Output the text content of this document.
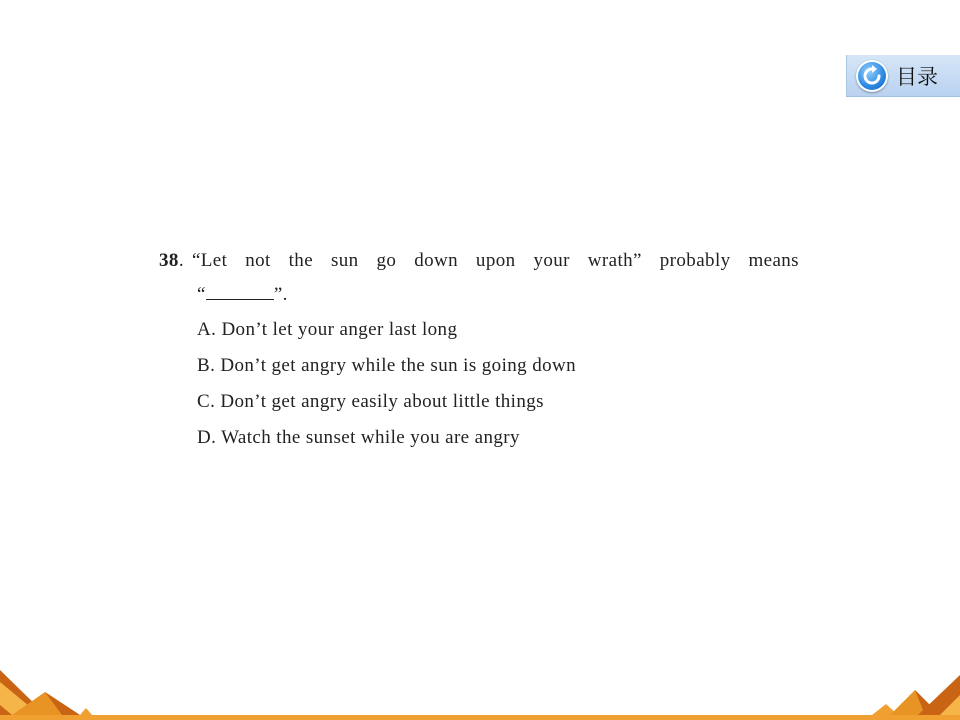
目录
38. “Let not the sun go down upon your wrath” probably means
“	”.
A. Don’t let your anger last long
B. Don’t get angry while the sun is going down
C. Don’t get angry easily about little things
D. Watch the sunset while you are angry
